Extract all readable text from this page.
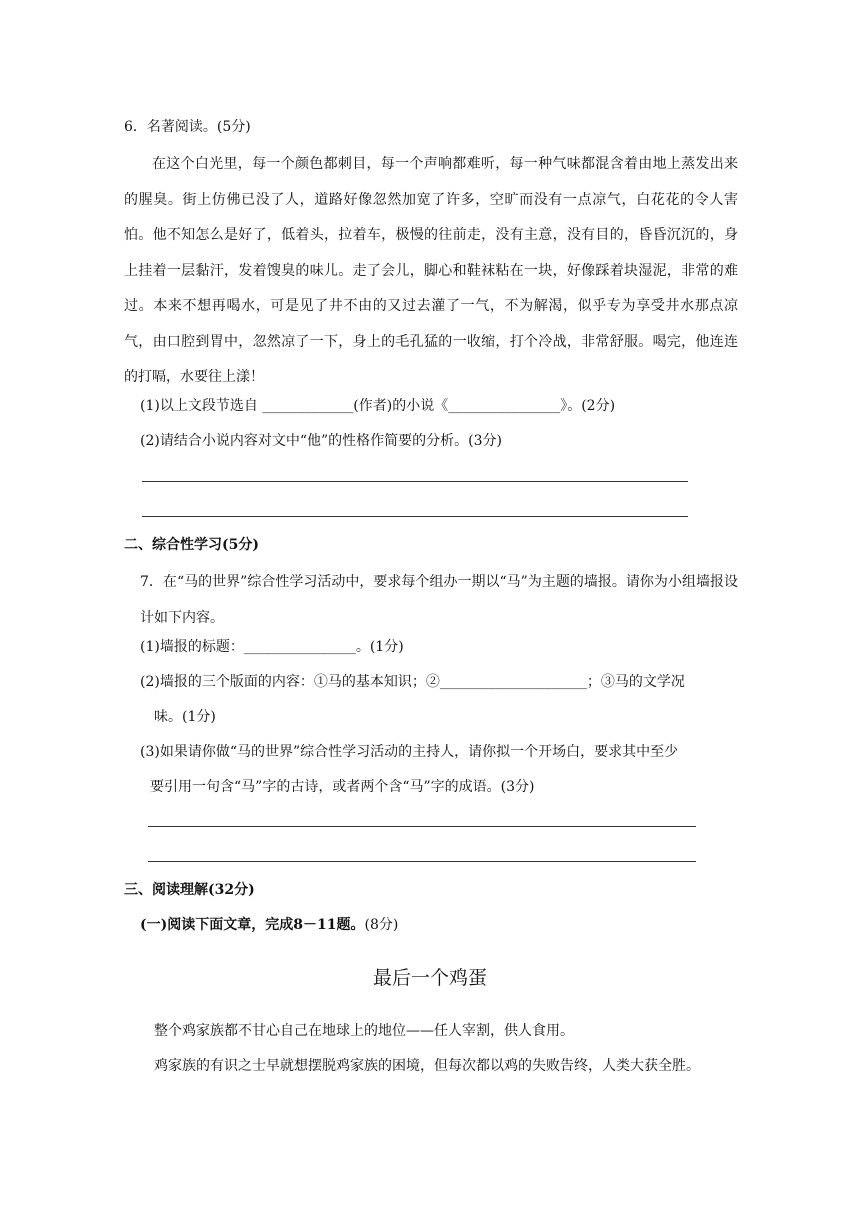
6．名著阅读。(5分)
在这个白光里，每一个颜色都刺目，每一个声响都难听，每一种气味都混含着由地上蒸发出来的腥臭。街上仿佛已没了人，道路好像忽然加宽了许多，空旷而没有一点凉气，白花花的令人害怕。他不知怎么是好了，低着头，拉着车，极慢的往前走，没有主意，没有目的，昏昏沉沉的，身上挂着一层黏汗，发着馊臭的味儿。走了会儿，脚心和鞋袜粘在一块，好像踩着块湿泥，非常的难过。本来不想再喝水，可是见了井不由的又过去灌了一气，不为解渴，似乎专为享受井水那点凉气，由口腔到胃中，忽然凉了一下，身上的毛孔猛的一收缩，打个冷战，非常舒服。喝完，他连连的打嗝，水要往上漾！
(1)以上文段节选自 _____________(作者)的小说《________________》。(2分)
(2)请结合小说内容对文中“他”的性格作简要的分析。(3分)
二、综合性学习(5分)
7．在“马的世界”综合性学习活动中，要求每个组办一期以“马”为主题的墙报。请你为小组墙报设计如下内容。
(1)墙报的标题：________________。(1分)
(2)墙报的三个版面的内容：①马的基本知识；②_____________________；③马的文学况
味。(1分)
(3)如果请你做“马的世界”综合性学习活动的主持人，请你拟一个开场白，要求其中至少
要引用一句含“马”字的古诗，或者两个含“马”字的成语。(3分)
三、阅读理解(32分)
(一)阅读下面文章，完成8－11题。(8分)
最后一个鸡蛋
整个鸡家族都不甘心自己在地球上的地位——任人宰割，供人食用。
鸡家族的有识之士早就想摆脱鸡家族的困境，但每次都以鸡的失败告终，人类大获全胜。
